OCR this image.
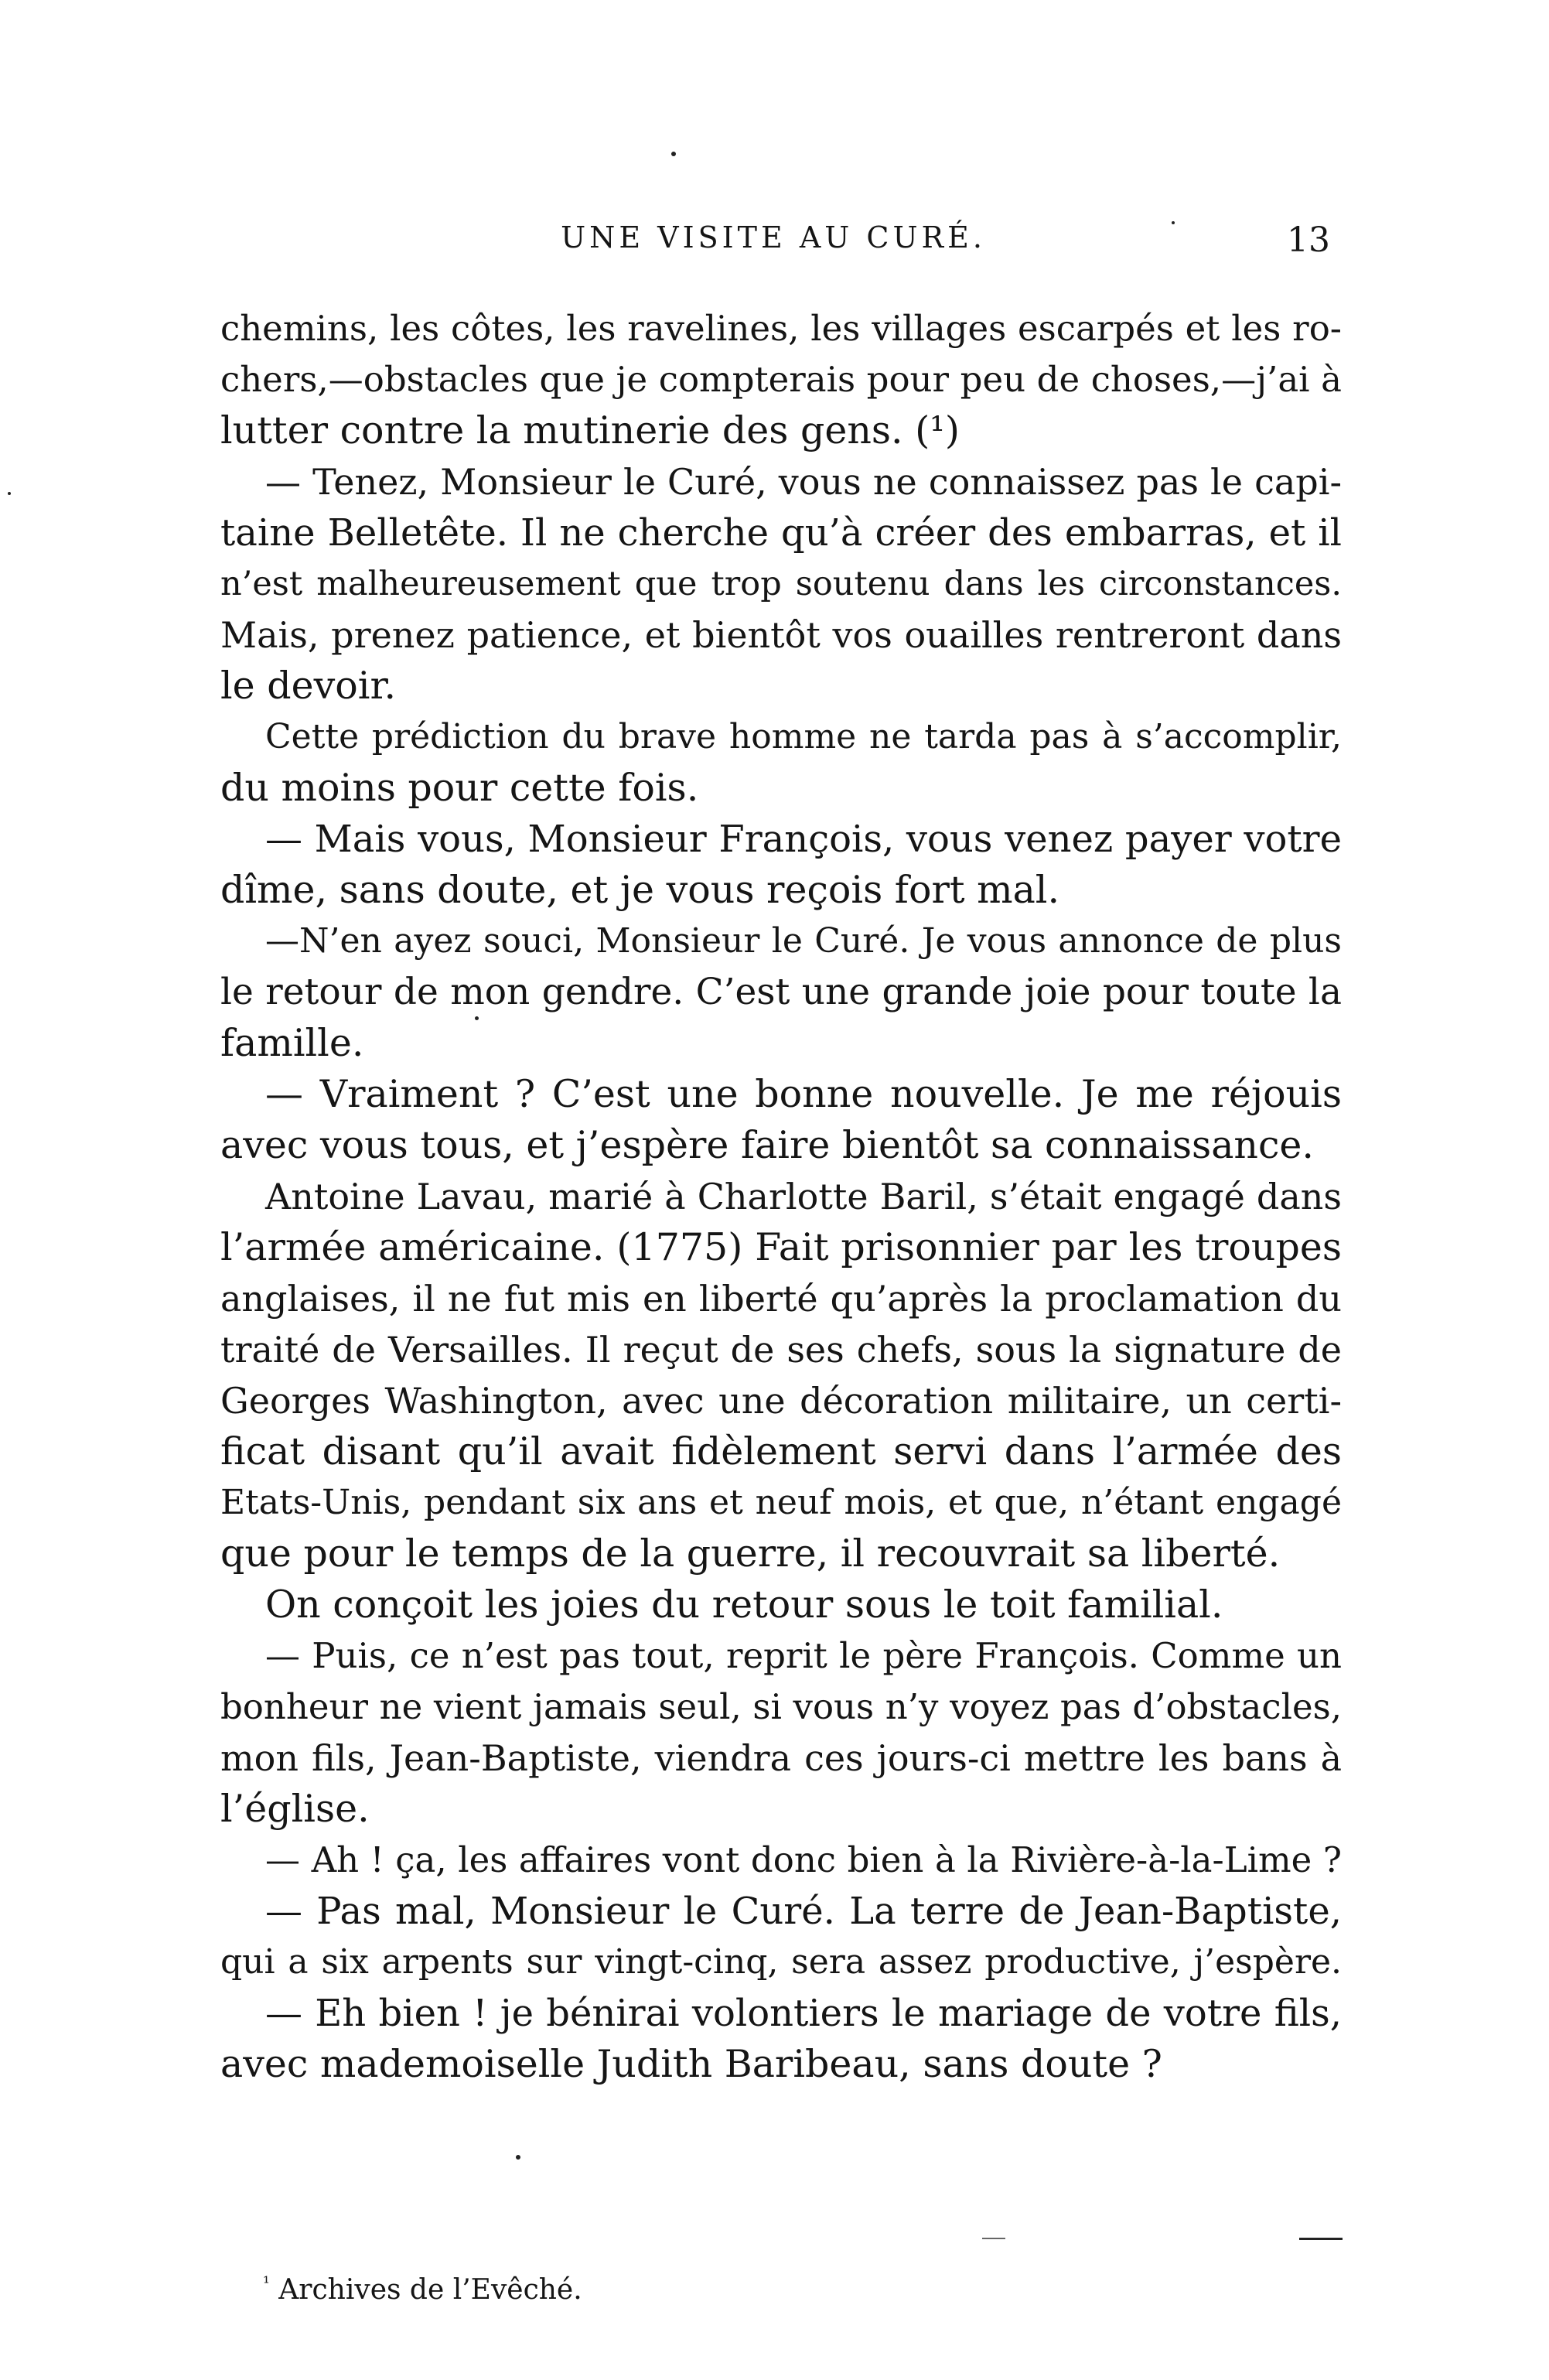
UNE VISITE AU CURÉ.	13
chemins, les côtes, les ravelines, les villages escarpés et les ro-
chers,—obstacles que je compterais pour peu de choses,—j’ai à
lutter contre la mutinerie des gens. (¹)
— Tenez, Monsieur le Curé, vous ne connaissez pas le capi-
taine Belletête. Il ne cherche qu’à créer des embarras, et il
n’est malheureusement que trop soutenu dans les circonstances.
Mais, prenez patience, et bientôt vos ouailles rentreront dans
le devoir.
Cette prédiction du brave homme ne tarda pas à s’accomplir,
du moins pour cette fois.
— Mais vous, Monsieur François, vous venez payer votre
dîme, sans doute, et je vous reçois fort mal.
—N’en ayez souci, Monsieur le Curé. Je vous annonce de plus
le retour de mon gendre. C’est une grande joie pour toute la
famille.
— Vraiment ? C’est une bonne nouvelle. Je me réjouis
avec vous tous, et j’espère faire bientôt sa connaissance.
Antoine Lavau, marié à Charlotte Baril, s’était engagé dans
l’armée américaine. (1775) Fait prisonnier par les troupes
anglaises, il ne fut mis en liberté qu’après la proclamation du
traité de Versailles. Il reçut de ses chefs, sous la signature de
Georges Washington, avec une décoration militaire, un certi-
ficat disant qu’il avait fidèlement servi dans l’armée des
Etats-Unis, pendant six ans et neuf mois, et que, n’étant engagé
que pour le temps de la guerre, il recouvrait sa liberté.
On conçoit les joies du retour sous le toit familial.
— Puis, ce n’est pas tout, reprit le père François. Comme un
bonheur ne vient jamais seul, si vous n’y voyez pas d’obstacles,
mon fils, Jean-Baptiste, viendra ces jours-ci mettre les bans à
l’église.
— Ah ! ça, les affaires vont donc bien à la Rivière-à-la-Lime ?
— Pas mal, Monsieur le Curé. La terre de Jean-Baptiste,
qui a six arpents sur vingt-cinq, sera assez productive, j’espère.
— Eh bien ! je bénirai volontiers le mariage de votre fils,
avec mademoiselle Judith Baribeau, sans doute ?
$^{^1}$ Archives de l’Evêché.
